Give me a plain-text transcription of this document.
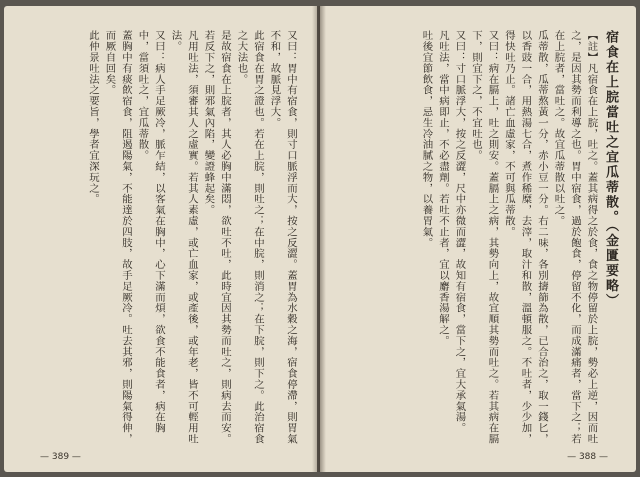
又曰：胃中有宿食，則寸口脈浮而大，按之反澀。蓋胃為水穀之海，宿食停滯，則胃氣不和，故脈見浮大。

此宿食在胃之證也。若在上脘，則吐之；在中脘，則消之；在下脘，則下之。此治宿食之大法也。

是故宿食在上脘者，其人必胸中滿悶，欲吐不吐，此時宜因其勢而吐之，則病去而安。若反下之，則邪氣內陷，變證蜂起矣。

凡用吐法，須審其人之虛實。若其人素虛，或亡血家，或產後，或年老，皆不可輕用吐法。

又曰：病人手足厥冷，脈乍結，以客氣在胸中，心下滿而煩，欲食不能食者，病在胸中，當須吐之，宜瓜蒂散。

蓋胸中有痰飲宿食，阻遏陽氣，不能達於四肢，故手足厥冷。吐去其邪，則陽氣得伸，而厥自回矣。

此仲景吐法之要旨，學者宜深玩之。

— 389 —

宿食在上脘當吐之宜瓜蒂散。（金匱要略）

【註】凡宿食在上脘，吐之。蓋其病得之於食，食之物停留於上脘，勢必上逆，因而吐之，是因其勢而利導之也。胃中宿食，過於飽食，停留不化，而成滿痛者，當下之；若在上脘者，當吐之。故宜瓜蒂散以吐之。

瓜蒂散，瓜蒂熬黃一分，赤小豆一分。右二味，各別擣篩為散，已合治之，取一錢匕，以香豉一合，用熱湯七合，煮作稀糜，去滓，取汁和散，溫頓服之。不吐者，少少加，得快吐乃止。諸亡血虛家，不可與瓜蒂散。

又曰：病在膈上，吐之則安。蓋膈上之病，其勢向上，故宜順其勢而吐之。若其病在膈下，則宜下之，不宜吐也。

又曰：寸口脈浮大，按之反澀，尺中亦微而澀，故知有宿食，當下之，宜大承氣湯。

凡吐法，當中病即止，不必盡劑。若吐不止者，宜以麝香湯解之。

吐後宜節飲食，忌生冷油膩之物，以養胃氣。

— 388 —
